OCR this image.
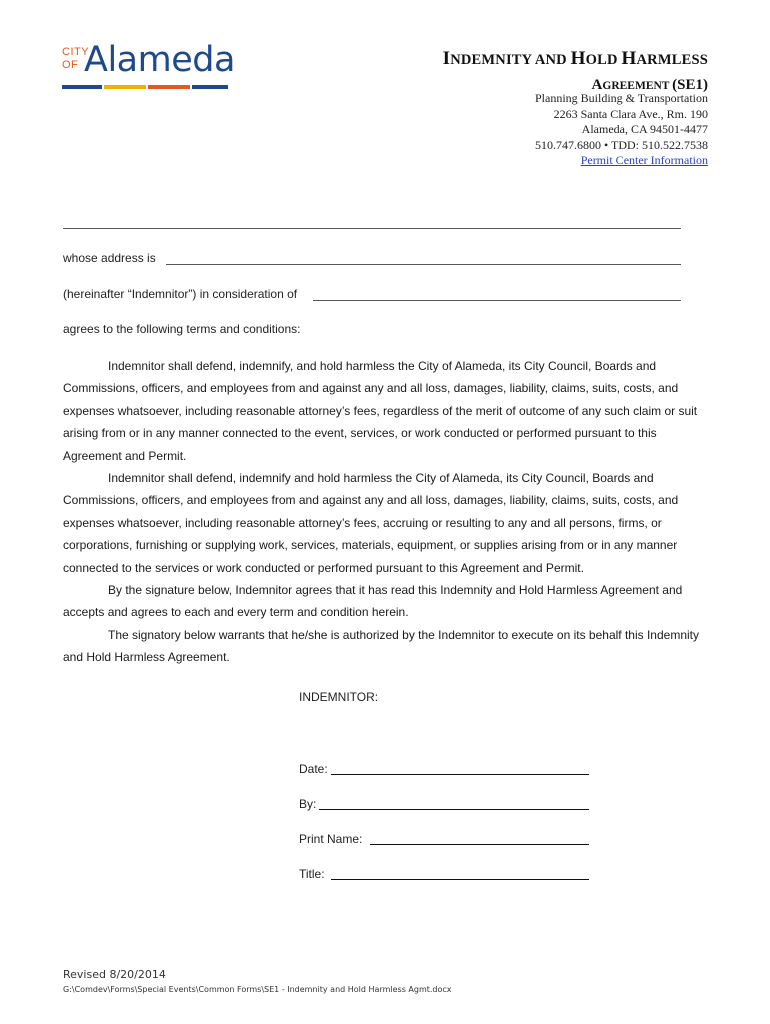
CITY
OF Alameda	INDEMNITY AND HOLD HARMLESS
AGREEMENT (SE1)
Planning Building & Transportation
2263 Santa Clara Ave., Rm. 190
Alameda, CA 94501-4477
510.747.6800 • TDD: 510.522.7538
Permit Center Information
whose address is
(hereinafter “Indemnitor”) in consideration of
agrees to the following terms and conditions:

Indemnitor shall defend, indemnify, and hold harmless the City of Alameda, its City Council, Boards and Commissions, officers, and employees from and against any and all loss, damages, liability, claims, suits, costs, and expenses whatsoever, including reasonable attorney’s fees, regardless of the merit of outcome of any such claim or suit arising from or in any manner connected to the event, services, or work conducted or performed pursuant to this Agreement and Permit.

Indemnitor shall defend, indemnify and hold harmless the City of Alameda, its City Council, Boards and Commissions, officers, and employees from and against any and all loss, damages, liability, claims, suits, costs, and expenses whatsoever, including reasonable attorney’s fees, accruing or resulting to any and all persons, firms, or corporations, furnishing or supplying work, services, materials, equipment, or supplies arising from or in any manner connected to the services or work conducted or performed pursuant to this Agreement and Permit.

By the signature below, Indemnitor agrees that it has read this Indemnity and Hold Harmless Agreement and accepts and agrees to each and every term and condition herein.

The signatory below warrants that he/she is authorized by the Indemnitor to execute on its behalf this Indemnity and Hold Harmless Agreement.

INDEMNITOR:
Date:
By:
Print Name:
Title:
Revised 8/20/2014
G:\Comdev\Forms\Special Events\Common Forms\SE1 - Indemnity and Hold Harmless Agmt.docx
